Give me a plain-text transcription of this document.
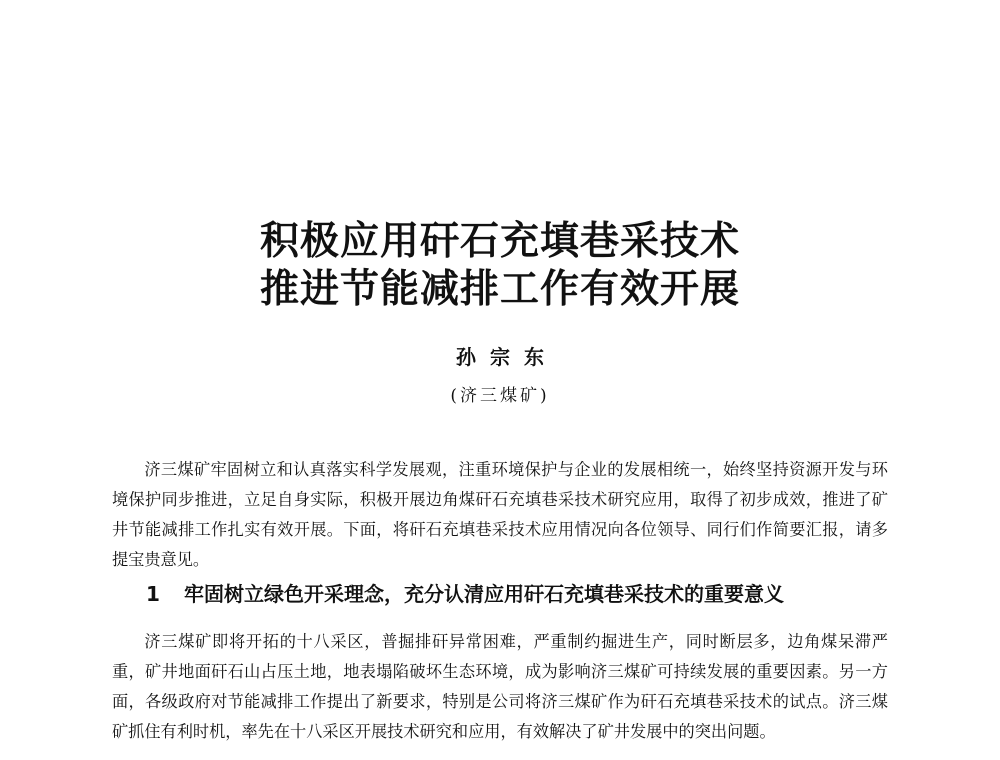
积极应用矸石充填巷采技术
推进节能减排工作有效开展
孙宗东
(济三煤矿)

济三煤矿牢固树立和认真落实科学发展观，注重环境保护与企业的发展相统一，始终坚持资源开发与环境保护同步推进，立足自身实际，积极开展边角煤矸石充填巷采技术研究应用，取得了初步成效，推进了矿井节能减排工作扎实有效开展。下面，将矸石充填巷采技术应用情况向各位领导、同行们作简要汇报，请多提宝贵意见。

1 牢固树立绿色开采理念，充分认清应用矸石充填巷采技术的重要意义

济三煤矿即将开拓的十八采区，普掘排矸异常困难，严重制约掘进生产，同时断层多，边角煤呆滞严重，矿井地面矸石山占压土地，地表塌陷破坏生态环境，成为影响济三煤矿可持续发展的重要因素。另一方面，各级政府对节能减排工作提出了新要求，特别是公司将济三煤矿作为矸石充填巷采技术的试点。济三煤矿抓住有利时机，率先在十八采区开展技术研究和应用，有效解决了矿井发展中的突出问题。
